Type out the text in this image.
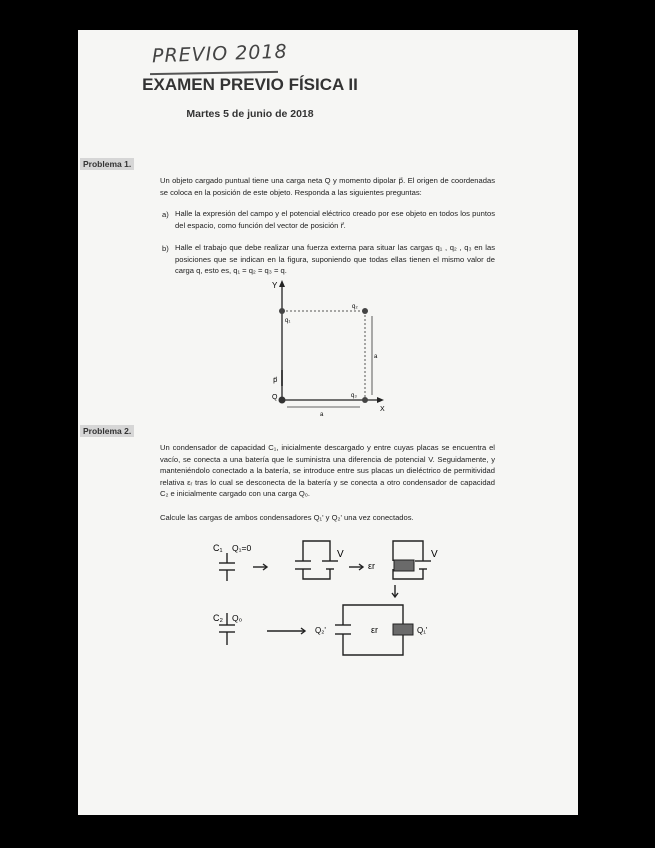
PREVIO 2018
EXAMEN PREVIO FÍSICA II
Martes 5 de junio de 2018
Problema 1.
Un objeto cargado puntual tiene una carga neta Q y momento dipolar p⃗. El origen de coordenadas se coloca en la posición de este objeto. Responda a las siguientes preguntas:
a) Halle la expresión del campo y el potencial eléctrico creado por ese objeto en todos los puntos del espacio, como función del vector de posición r⃗.
b) Halle el trabajo que debe realizar una fuerza externa para situar las cargas q₁ , q₂ , q₃ en las posiciones que se indican en la figura, suponiendo que todas ellas tienen el mismo valor de carga q, esto es, q₁ = q₂ = q₃ = q.
Y
X
q₁
q₂
q₃
Q
p⃗
a
a
Problema 2.
Un condensador de capacidad C₁, inicialmente descargado y entre cuyas placas se encuentra el vacío, se conecta a una batería que le suministra una diferencia de potencial V. Seguidamente, y manteniéndolo conectado a la batería, se introduce entre sus placas un dieléctrico de permitividad relativa εᵣ tras lo cual se desconecta de la batería y se conecta a otro condensador de capacidad C₂ e inicialmente cargado con una carga Q₀.
Calcule las cargas de ambos condensadores Q₁' y Q₂' una vez conectados.
C₁ Q₁=0
V
εr
V
C₂ Q₀
Q₂'	εr	Q₁'
